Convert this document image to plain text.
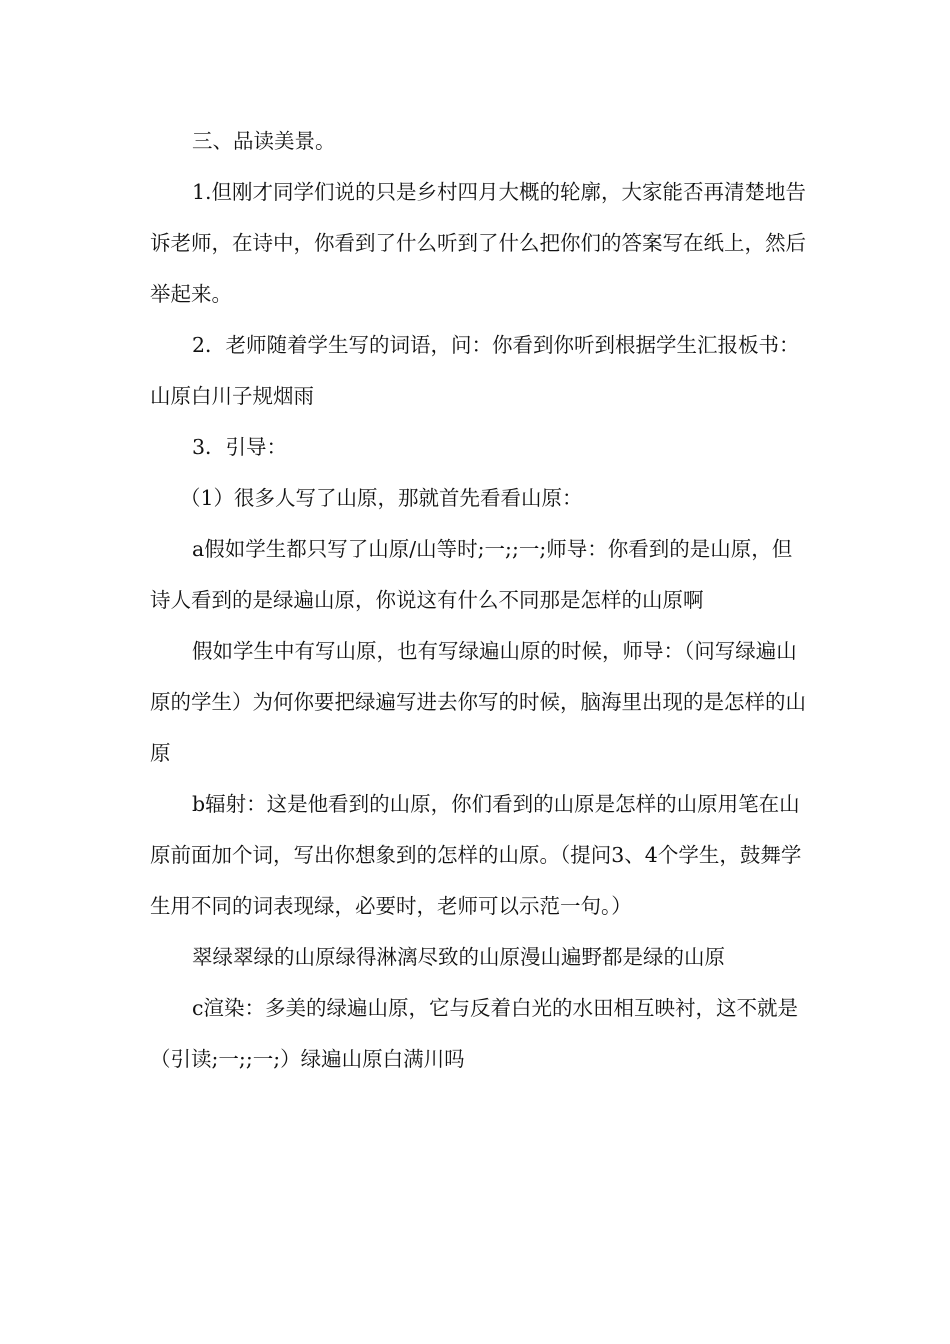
三、品读美景。

1.但刚才同学们说的只是乡村四月大概的轮廓，大家能否再清楚地告诉老师，在诗中，你看到了什么听到了什么把你们的答案写在纸上，然后举起来。

2．老师随着学生写的词语，问：你看到你听到根据学生汇报板书：山原白川子规烟雨

3．引导：

（1）很多人写了山原，那就首先看看山原：

a假如学生都只写了山原/山等时;一;;一;师导：你看到的是山原，但诗人看到的是绿遍山原，你说这有什么不同那是怎样的山原啊

假如学生中有写山原，也有写绿遍山原的时候，师导：（问写绿遍山原的学生）为何你要把绿遍写进去你写的时候，脑海里出现的是怎样的山原

b辐射：这是他看到的山原，你们看到的山原是怎样的山原用笔在山原前面加个词，写出你想象到的怎样的山原。（提问3、4个学生，鼓舞学生用不同的词表现绿，必要时，老师可以示范一句。）

翠绿翠绿的山原绿得淋漓尽致的山原漫山遍野都是绿的山原

c渲染：多美的绿遍山原，它与反着白光的水田相互映衬，这不就是（引读;一;;一;）绿遍山原白满川吗
